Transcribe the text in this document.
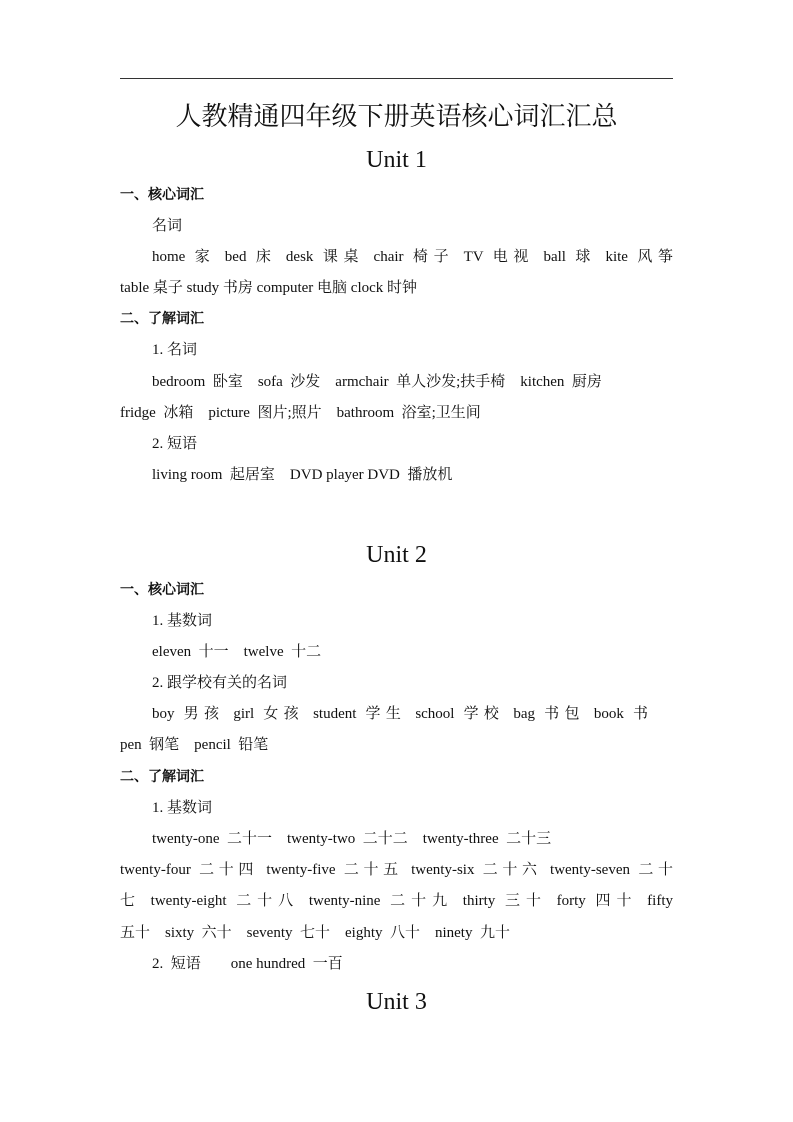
人教精通四年级下册英语核心词汇汇总
Unit 1
一、核心词汇
名词
home 家 bed 床 desk 课桌 chair 椅子 TV 电视 ball 球 kite 风筝
table 桌子 study 书房 computer 电脑 clock 时钟
二、了解词汇
1. 名词
bedroom  卧室    sofa  沙发    armchair  单人沙发;扶手椅    kitchen  厨房
fridge  冰箱    picture  图片;照片    bathroom  浴室;卫生间
2. 短语
living room  起居室    DVD player DVD  播放机
Unit 2
一、核心词汇
1. 基数词
eleven  十一    twelve  十二
2. 跟学校有关的名词
boy 男孩 girl 女孩 student 学生 school 学校 bag 书包 book 书
pen  钢笔    pencil  铅笔
二、了解词汇
1. 基数词
twenty-one  二十一    twenty-two  二十二    twenty-three  二十三
twenty-four 二十四 twenty-five 二十五 twenty-six 二十六 twenty-seven 二十
七 twenty-eight 二十八 twenty-nine 二十九 thirty 三十 forty 四十 fifty
五十    sixty  六十    seventy  七十    eighty  八十    ninety  九十
2.  短语        one hundred  一百
Unit 3
